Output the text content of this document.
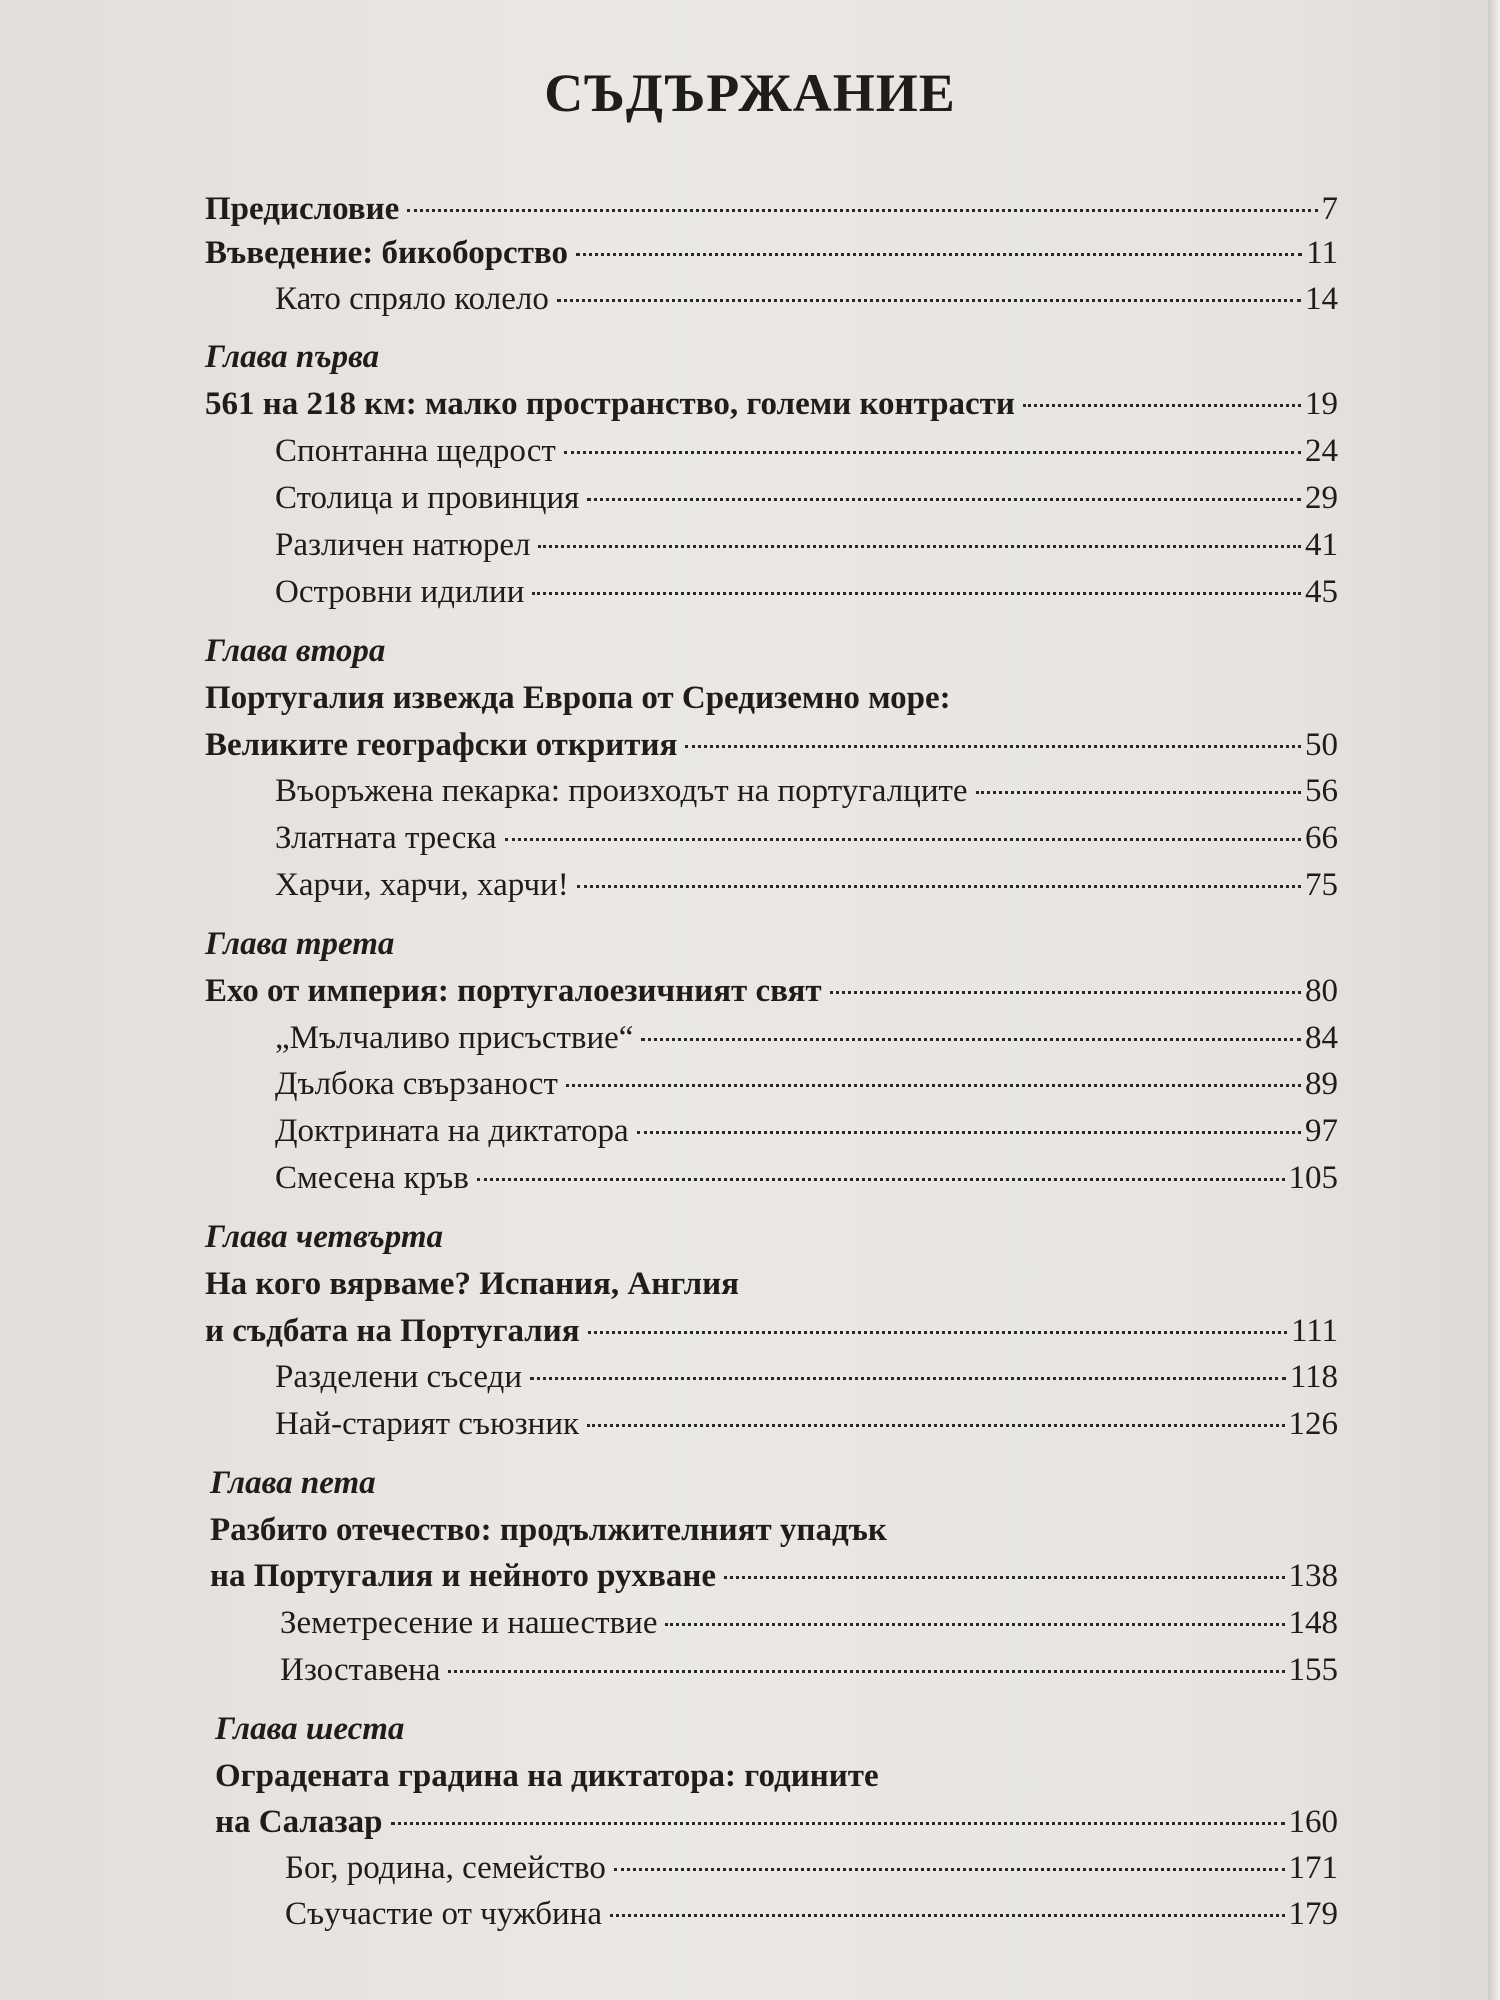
СЪДЪРЖАНИЕ
Предисловие	7
Въведение: бикоборство	11
Като спряло колело	14
Глава първа
561 на 218 км: малко пространство, големи контрасти	19
Спонтанна щедрост	24
Столица и провинция	29
Различен натюрел	41
Островни идилии	45
Глава втора
Португалия извежда Европа от Средиземно море:
Великите географски открития	50
Въоръжена пекарка: произходът на португалците	56
Златната треска	66
Харчи, харчи, харчи!	75
Глава трета
Ехо от империя: португалоезичният свят	80
„Мълчаливо присъствие“	84
Дълбока свързаност	89
Доктрината на диктатора	97
Смесена кръв	105
Глава четвърта
На кого вярваме? Испания, Англия
и съдбата на Португалия	111
Разделени съседи	118
Най-старият съюзник	126
Глава пета
Разбито отечество: продължителният упадък
на Португалия и нейното рухване	138
Земетресение и нашествие	148
Изоставена	155
Глава шеста
Оградената градина на диктатора: годините
на Салазар	160
Бог, родина, семейство	171
Съучастие от чужбина	179
